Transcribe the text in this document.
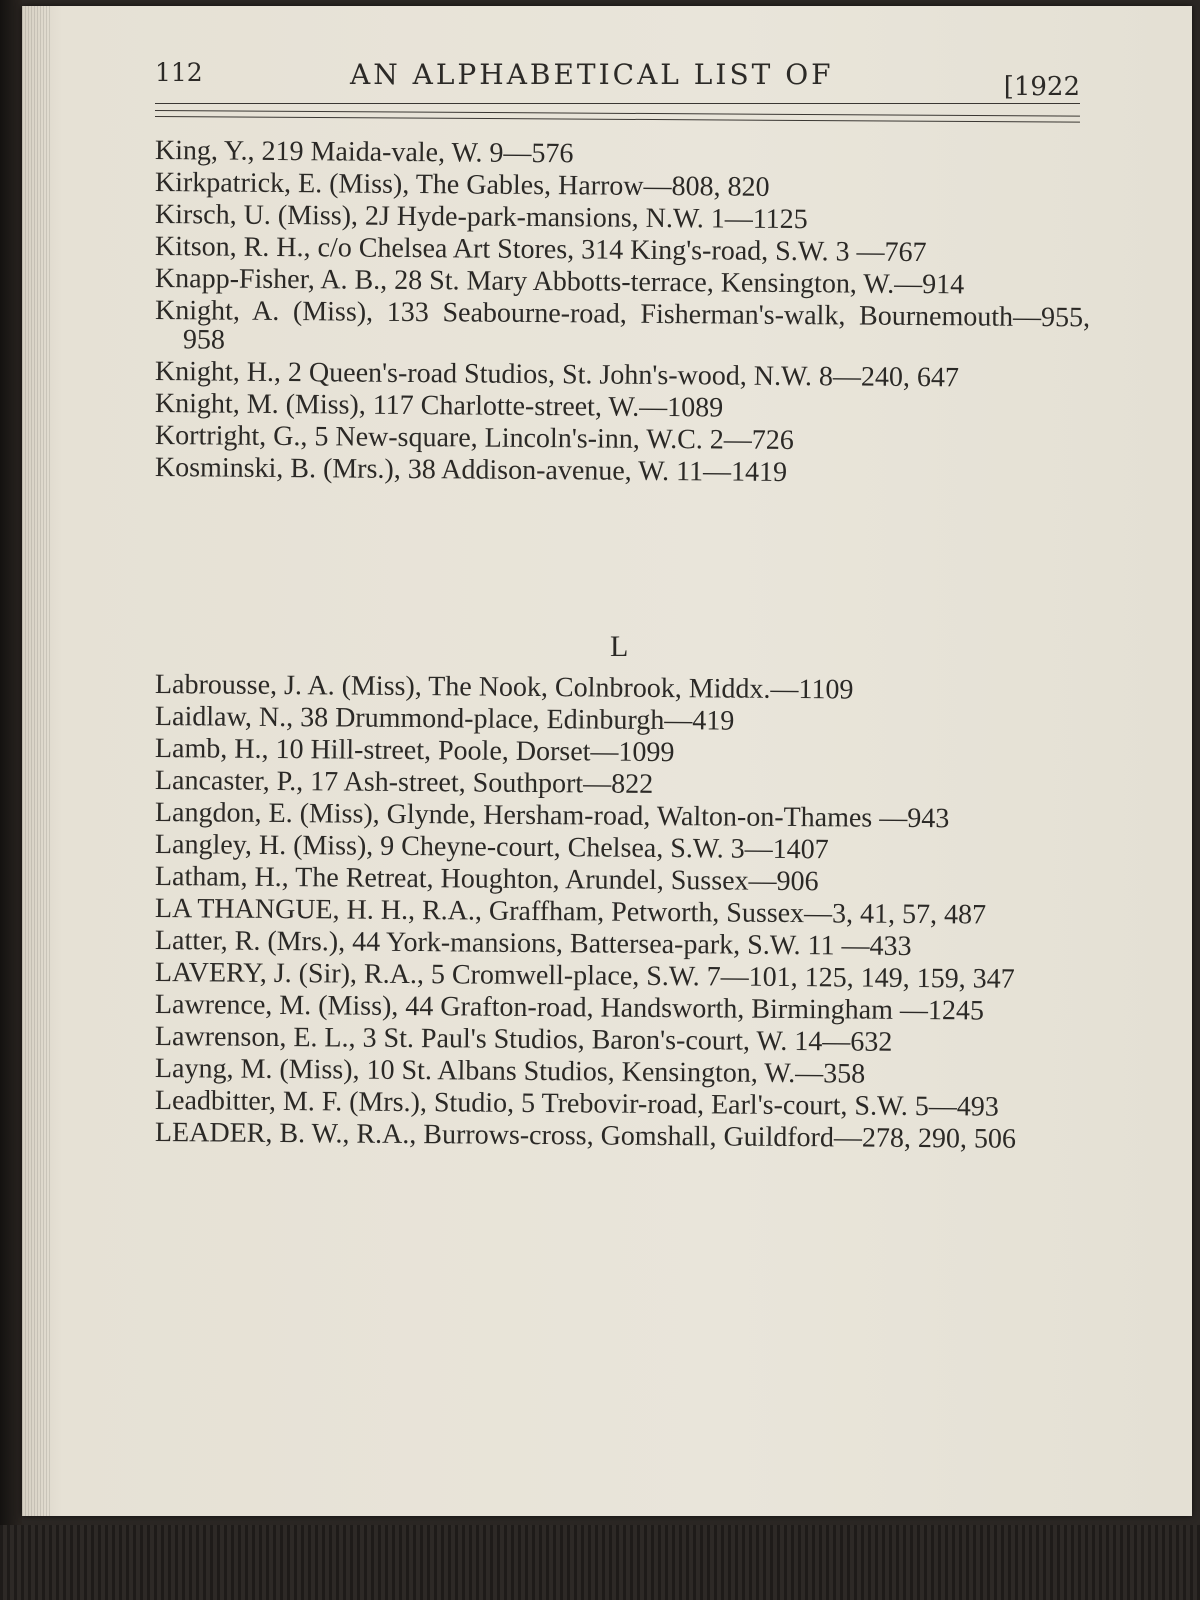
112	AN ALPHABETICAL LIST OF	[1922

King, Y., 219 Maida-vale, W. 9—576

Kirkpatrick, E. (Miss), The Gables, Harrow—808, 820

Kirsch, U. (Miss), 2J Hyde-park-mansions, N.W. 1—1125

Kitson, R. H., c/o Chelsea Art Stores, 314 King's-road, S.W. 3 —767

Knapp-Fisher, A. B., 28 St. Mary Abbotts-terrace, Kensington, W.—914

Knight, A. (Miss), 133 Seabourne-road, Fisherman's-walk, Bournemouth—955, 958

Knight, H., 2 Queen's-road Studios, St. John's-wood, N.W. 8—240, 647

Knight, M. (Miss), 117 Charlotte-street, W.—1089

Kortright, G., 5 New-square, Lincoln's-inn, W.C. 2—726

Kosminski, B. (Mrs.), 38 Addison-avenue, W. 11—1419

L

Labrousse, J. A. (Miss), The Nook, Colnbrook, Middx.—1109

Laidlaw, N., 38 Drummond-place, Edinburgh—419

Lamb, H., 10 Hill-street, Poole, Dorset—1099

Lancaster, P., 17 Ash-street, Southport—822

Langdon, E. (Miss), Glynde, Hersham-road, Walton-on-Thames —943

Langley, H. (Miss), 9 Cheyne-court, Chelsea, S.W. 3—1407

Latham, H., The Retreat, Houghton, Arundel, Sussex—906

LA THANGUE, H. H., R.A., Graffham, Petworth, Sussex—3, 41, 57, 487

Latter, R. (Mrs.), 44 York-mansions, Battersea-park, S.W. 11 —433

LAVERY, J. (Sir), R.A., 5 Cromwell-place, S.W. 7—101, 125, 149, 159, 347

Lawrence, M. (Miss), 44 Grafton-road, Handsworth, Birmingham —1245

Lawrenson, E. L., 3 St. Paul's Studios, Baron's-court, W. 14—632

Layng, M. (Miss), 10 St. Albans Studios, Kensington, W.—358

Leadbitter, M. F. (Mrs.), Studio, 5 Trebovir-road, Earl's-court, S.W. 5—493

LEADER, B. W., R.A., Burrows-cross, Gomshall, Guildford—278, 290, 506
